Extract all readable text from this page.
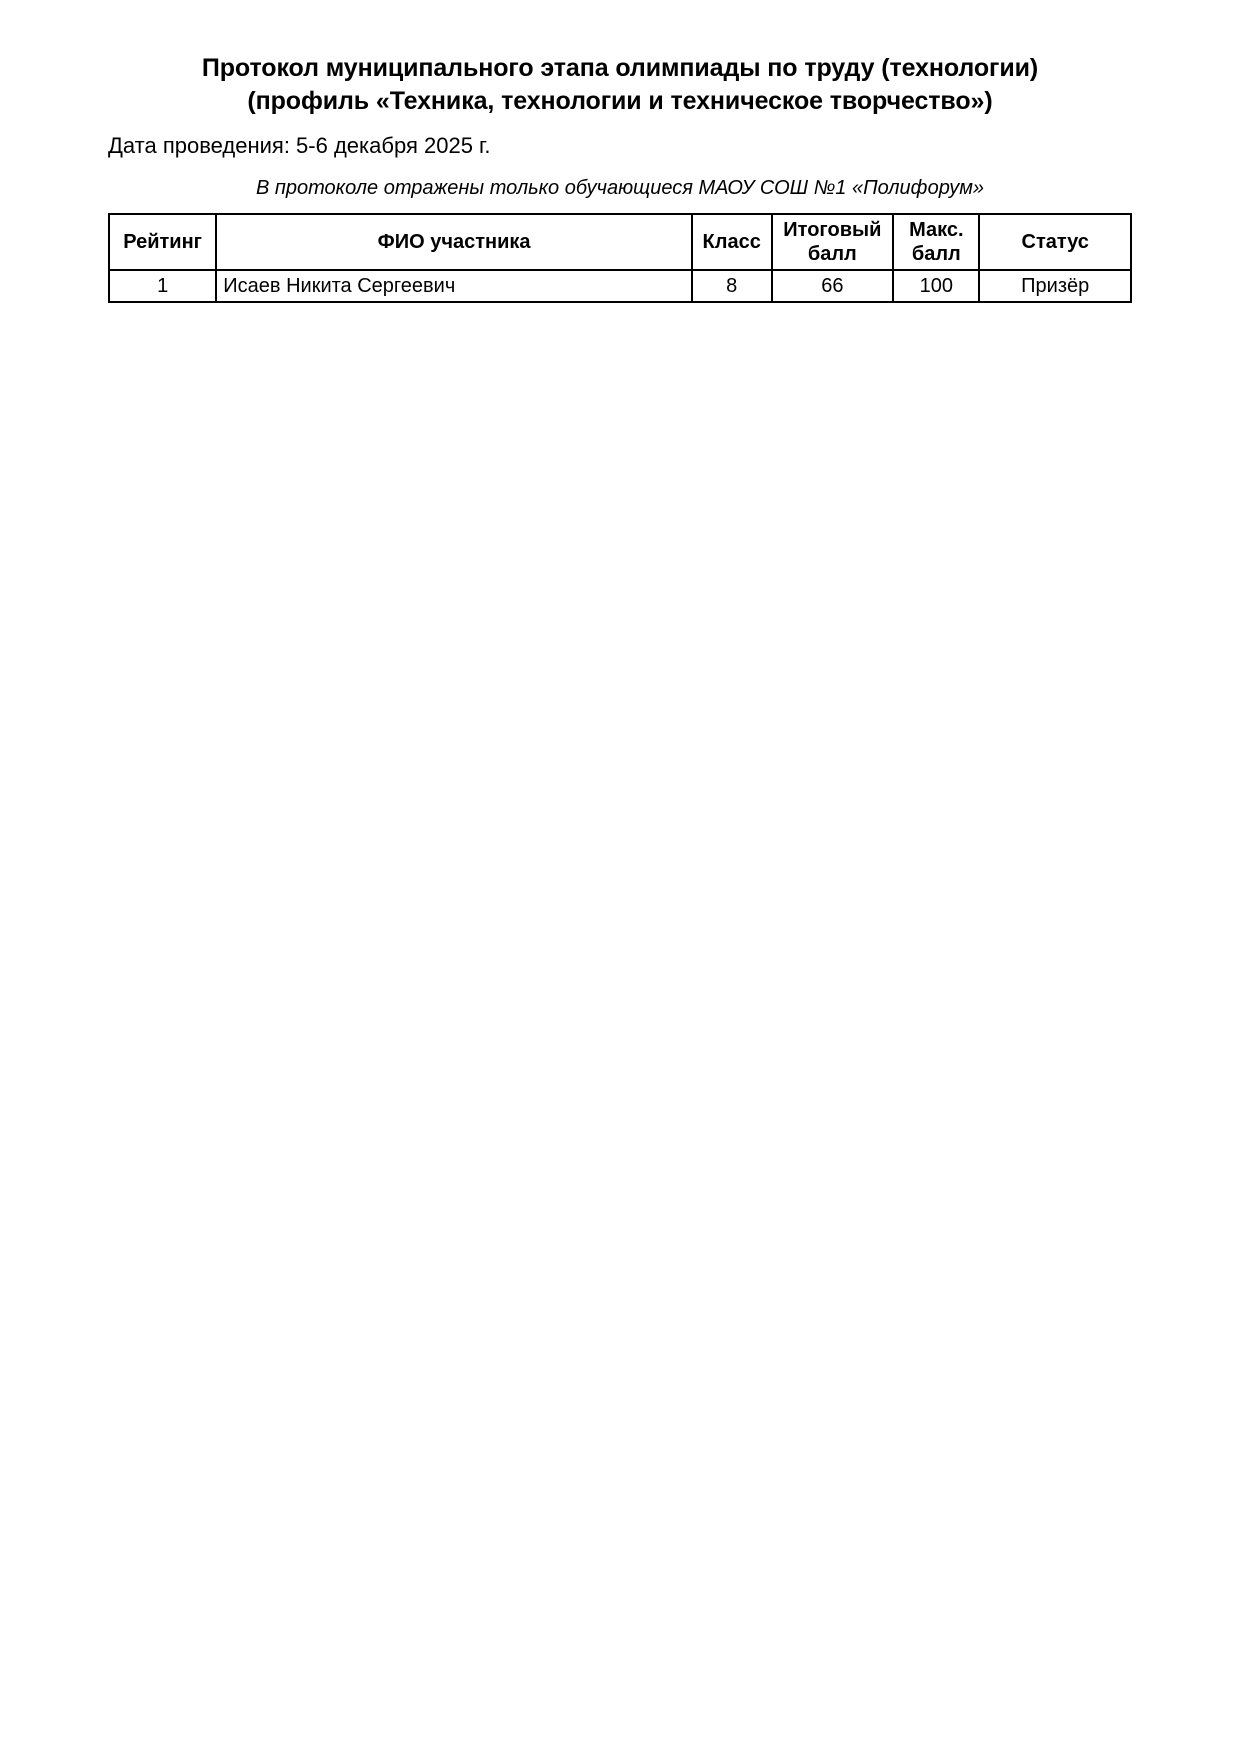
Протокол муниципального этапа олимпиады по труду (технологии)
(профиль «Техника, технологии и техническое творчество»)

Дата проведения: 5-6 декабря 2025 г.

В протоколе отражены только обучающиеся МАОУ СОШ №1 «Полифорум»

Рейтинг	ФИО участника	Класс	Итоговый балл	Макс. балл	Статус
1	Исаев Никита Сергеевич	8	66	100	Призёр
